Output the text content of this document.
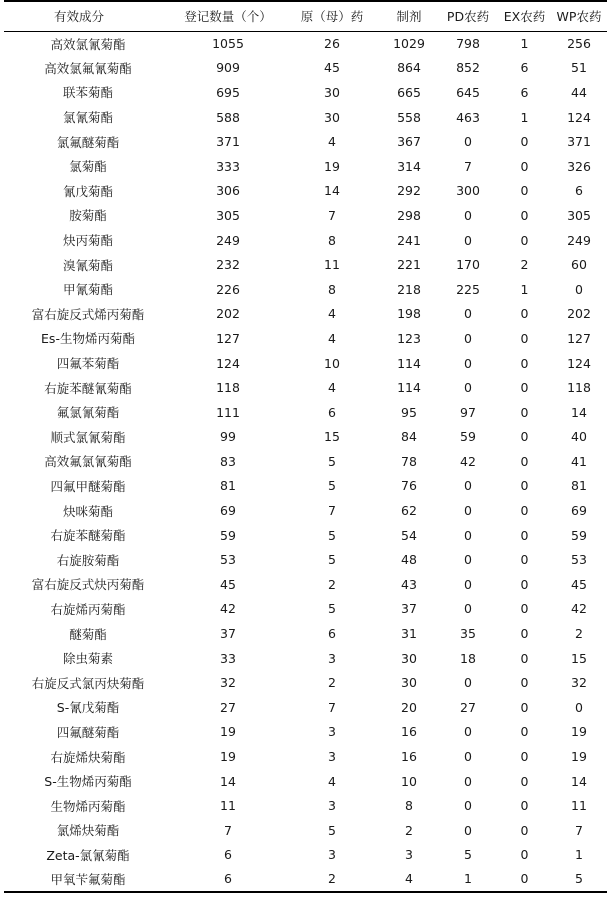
有效成分	登记数量（个）	原（母）药	制剂	PD农药	EX农药	WP农药
高效氯氰菊酯	1055	26	1029	798	1	256
高效氯氟氰菊酯	909	45	864	852	6	51
联苯菊酯	695	30	665	645	6	44
氯氰菊酯	588	30	558	463	1	124
氯氟醚菊酯	371	4	367	0	0	371
氯菊酯	333	19	314	7	0	326
氰戊菊酯	306	14	292	300	0	6
胺菊酯	305	7	298	0	0	305
炔丙菊酯	249	8	241	0	0	249
溴氰菊酯	232	11	221	170	2	60
甲氰菊酯	226	8	218	225	1	0
富右旋反式烯丙菊酯	202	4	198	0	0	202
Es-生物烯丙菊酯	127	4	123	0	0	127
四氟苯菊酯	124	10	114	0	0	124
右旋苯醚氰菊酯	118	4	114	0	0	118
氟氯氰菊酯	111	6	95	97	0	14
顺式氯氰菊酯	99	15	84	59	0	40
高效氟氯氰菊酯	83	5	78	42	0	41
四氟甲醚菊酯	81	5	76	0	0	81
炔咪菊酯	69	7	62	0	0	69
右旋苯醚菊酯	59	5	54	0	0	59
右旋胺菊酯	53	5	48	0	0	53
富右旋反式炔丙菊酯	45	2	43	0	0	45
右旋烯丙菊酯	42	5	37	0	0	42
醚菊酯	37	6	31	35	0	2
除虫菊素	33	3	30	18	0	15
右旋反式氯丙炔菊酯	32	2	30	0	0	32
S-氰戊菊酯	27	7	20	27	0	0
四氟醚菊酯	19	3	16	0	0	19
右旋烯炔菊酯	19	3	16	0	0	19
S-生物烯丙菊酯	14	4	10	0	0	14
生物烯丙菊酯	11	3	8	0	0	11
氯烯炔菊酯	7	5	2	0	0	7
Zeta-氯氰菊酯	6	3	3	5	0	1
甲氧苄氟菊酯	6	2	4	1	0	5
